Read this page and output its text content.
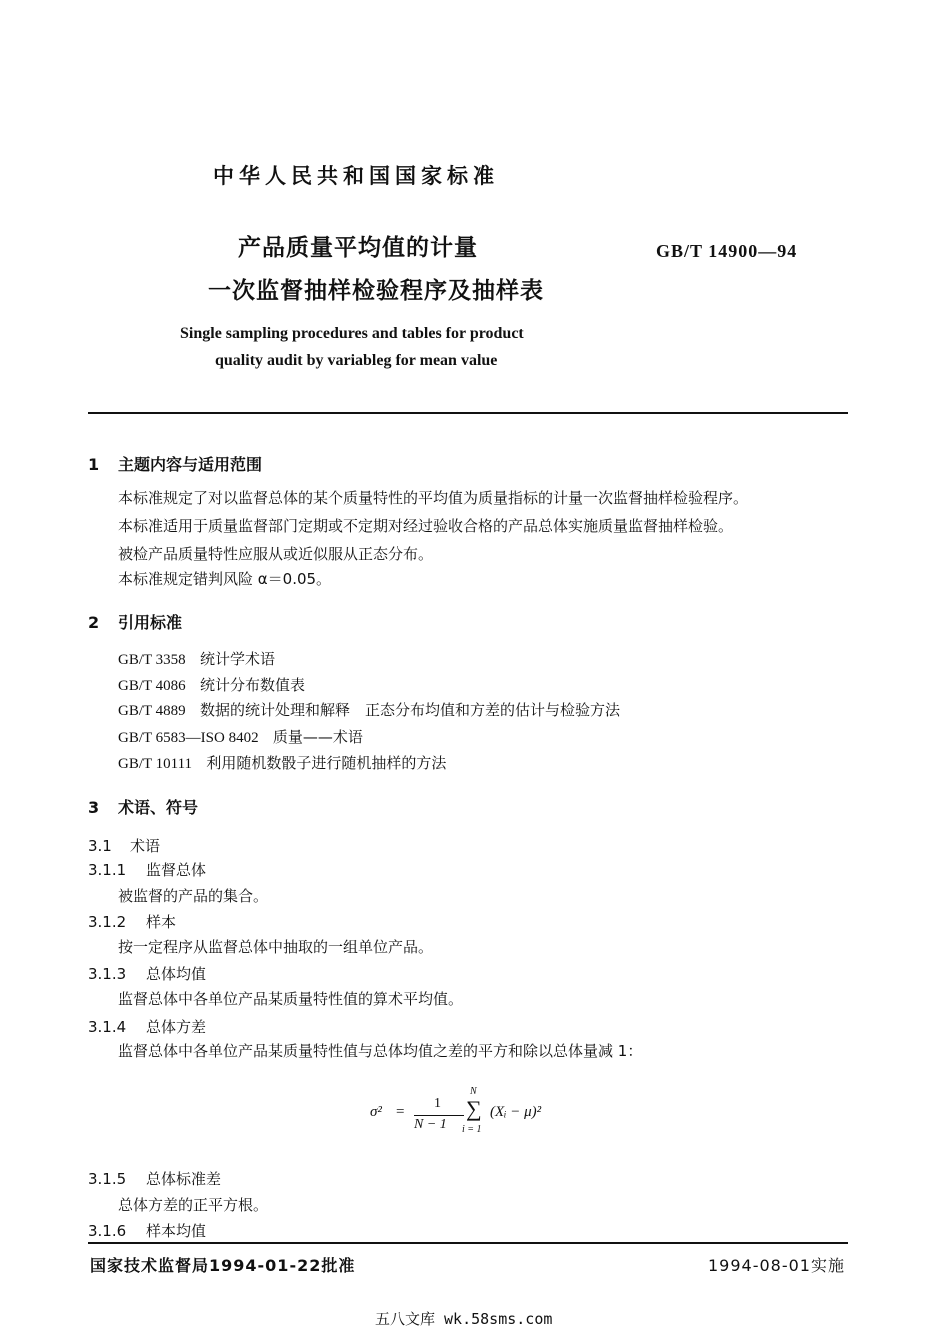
中华人民共和国国家标准
产品质量平均值的计量
一次监督抽样检验程序及抽样表
GB/T 14900—94
Single sampling procedures and tables for product
quality audit by variableg for mean value
1 主题内容与适用范围
本标准规定了对以监督总体的某个质量特性的平均值为质量指标的计量一次监督抽样检验程序。
本标准适用于质量监督部门定期或不定期对经过验收合格的产品总体实施质量监督抽样检验。
被检产品质量特性应服从或近似服从正态分布。
本标准规定错判风险 α＝0.05。
2 引用标准
GB/T 3358 统计学术语
GB/T 4086 统计分布数值表
GB/T 4889 数据的统计处理和解释　正态分布均值和方差的估计与检验方法
GB/T 6583—ISO 8402 质量——术语
GB/T 10111 利用随机数骰子进行随机抽样的方法
3 术语、符号
3.1 术语
3.1.1 监督总体
被监督的产品的集合。
3.1.2 样本
按一定程序从监督总体中抽取的一组单位产品。
3.1.3 总体均值
监督总体中各单位产品某质量特性值的算术平均值。
3.1.4 总体方差
监督总体中各单位产品某质量特性值与总体均值之差的平方和除以总体量减 1：
σ² =
1
N − 1
N
∑
i = 1
(Xᵢ − μ)²
3.1.5 总体标准差
总体方差的正平方根。
3.1.6 样本均值
国家技术监督局1994-01-22批准	1994-08-01实施
五八文库 wk.58sms.com
